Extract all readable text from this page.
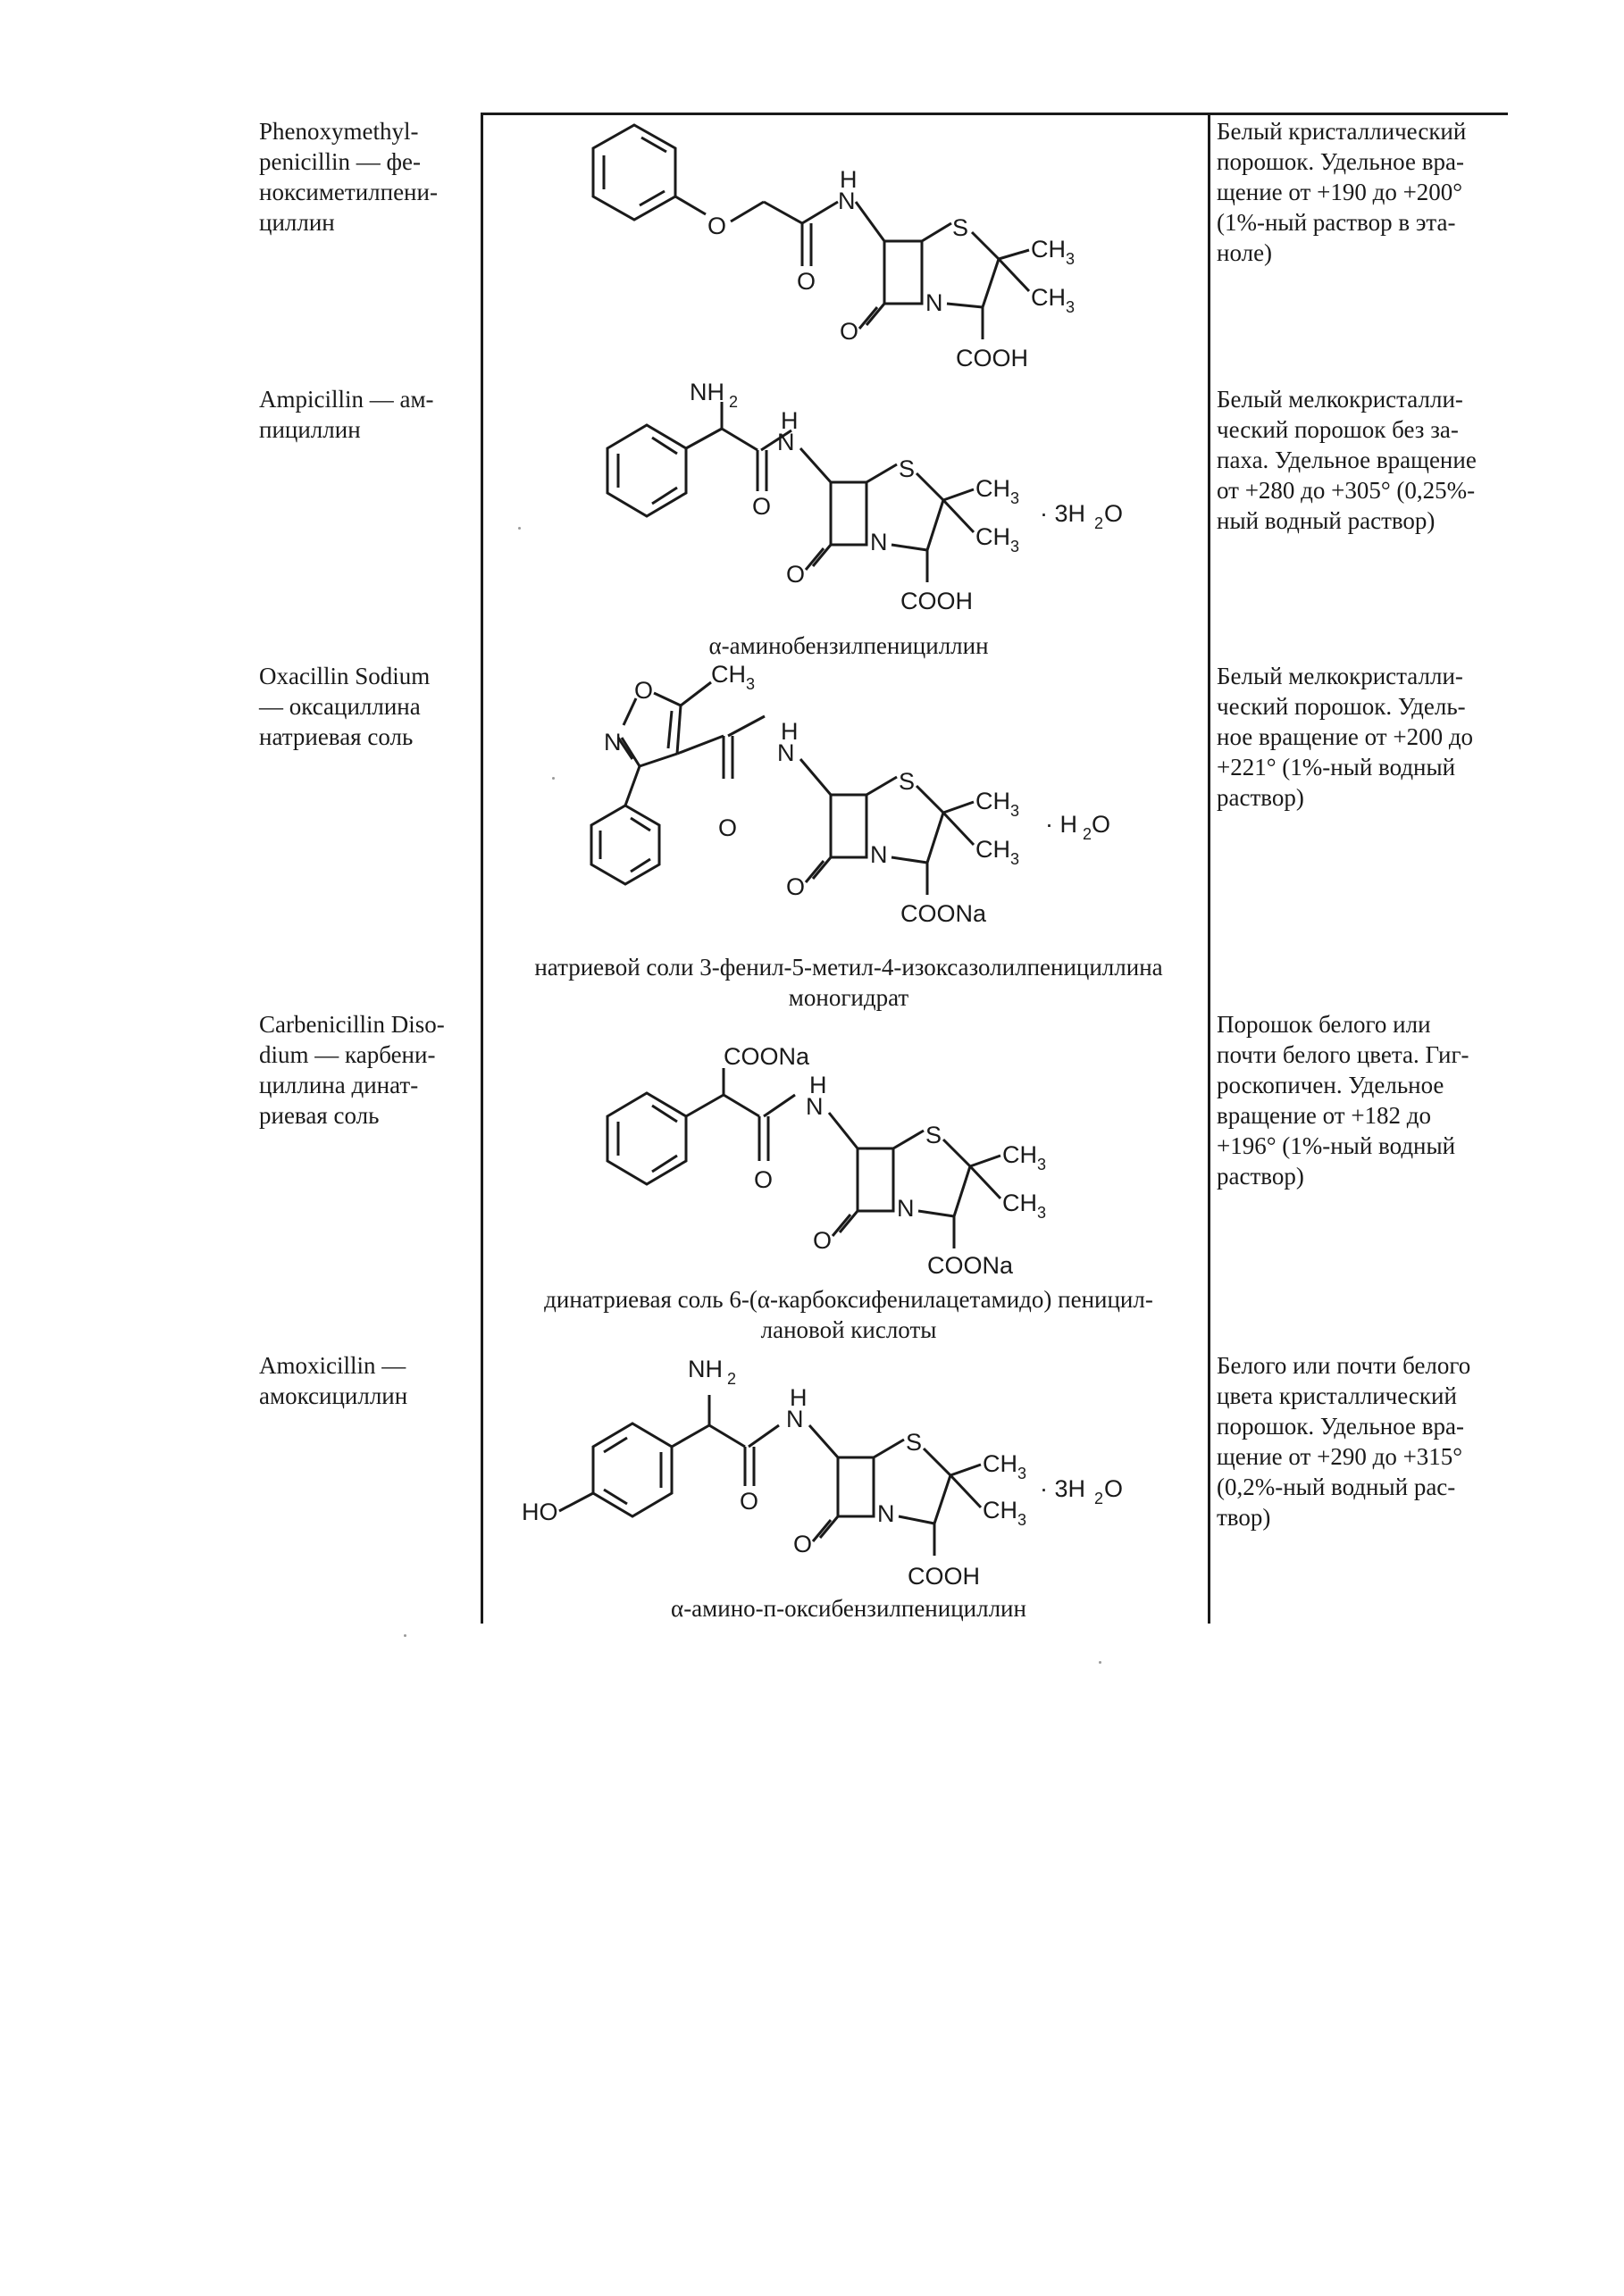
Phenoxymethyl-
penicillin — фе-
ноксиметилпени-
циллин
Белый кристаллический
порошок. Удельное вра-
щение от +190 до +200°
(1%-ный раствор в эта-
ноле)
O
O
H
N
O
N
S
CH 3
CH 3
COOH
Ampicillin — ам-
пициллин
Белый мелкокристалли-
ческий порошок без за-
паха. Удельное вращение
от +280 до +305° (0,25%-
ный водный раствор)
NH 2
O
H
N
O
N
S
CH 3
CH 3
· 3H 2 O
COOH
α-аминобензилпенициллин
Oxacillin Sodium
— оксациллина
натриевая соль
Белый мелкокристалли-
ческий порошок. Удель-
ное вращение от +200 до
+221° (1%-ный водный
раствор)
O
N
CH 3
O
H
N
O
N
S
CH 3
CH 3
· H 2 O
COONa
натриевой соли 3-фенил-5-метил-4-изоксазолилпенициллина
моногидрат
Carbenicillin Diso-
dium — карбени-
циллина динат-
риевая соль
Порошок белого или
почти белого цвета. Гиг-
роскопичен. Удельное
вращение от +182 до
+196° (1%-ный водный
раствор)
COONa
O
H
N
O
N
S
CH 3
CH 3
COONa
динатриевая соль 6-(α-карбоксифенилацетамидо) пеницил-
лановой кислоты
Amoxicillin —
амоксициллин
Белого или почти белого
цвета кристаллический
порошок. Удельное вра-
щение от +290 до +315°
(0,2%-ный водный рас-
твор)
HO
NH 2
O
H
N
O
N
S
CH 3
CH 3
· 3H 2 O
COOH
α-амино-п-оксибензилпенициллин
